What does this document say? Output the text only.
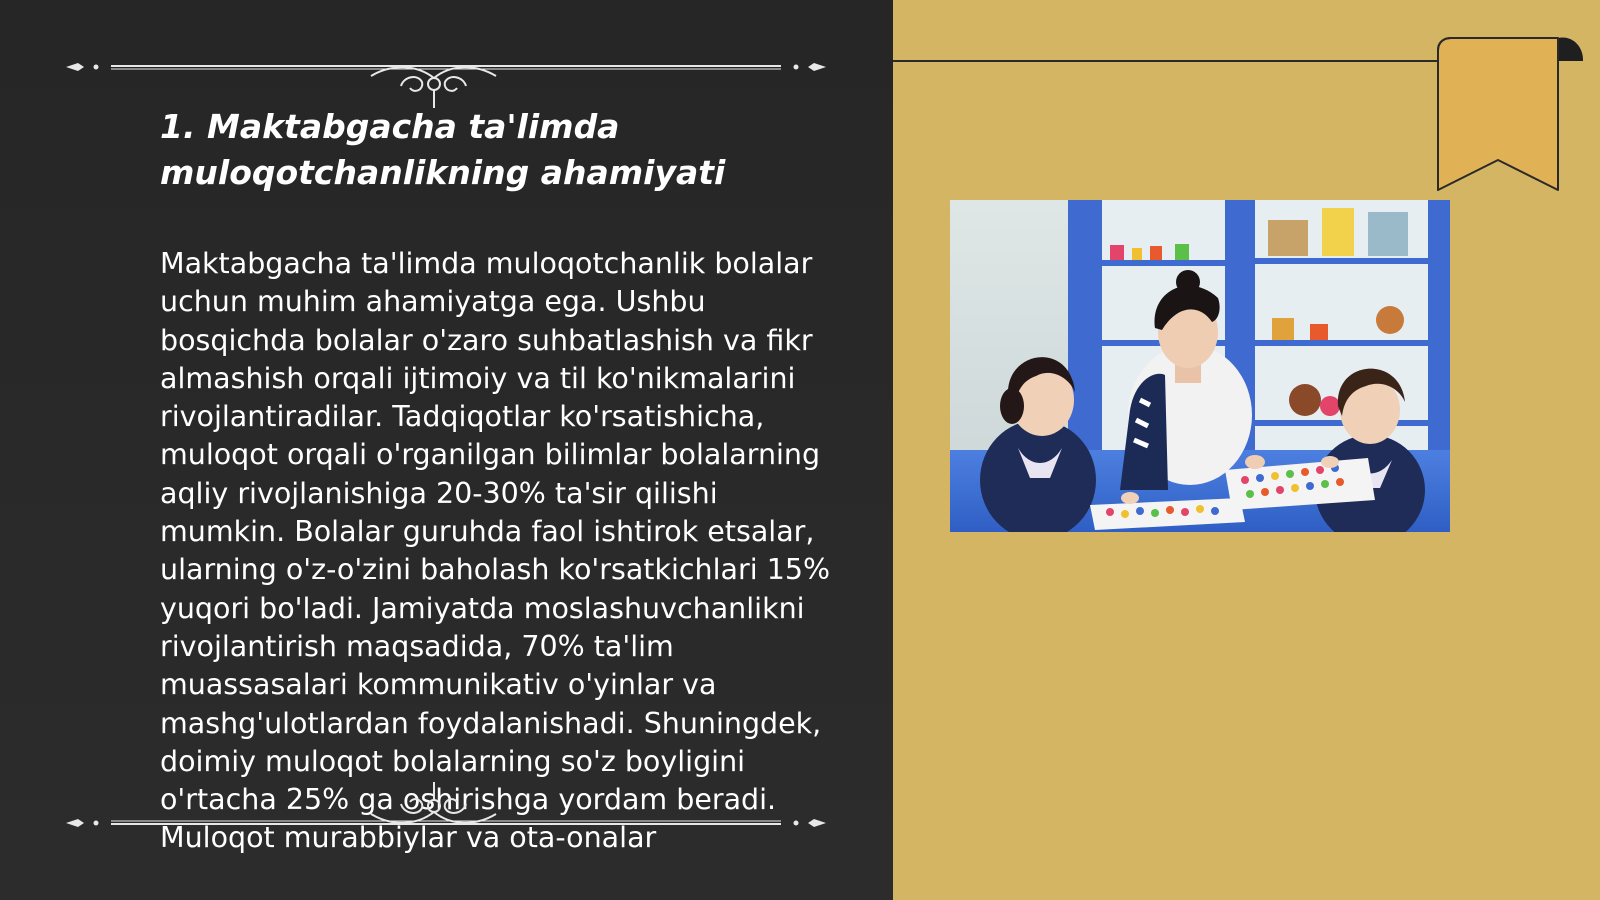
1. Maktabgacha ta'limda muloqotchanlikning ahamiyati

Maktabgacha ta'limda muloqotchanlik bolalar uchun muhim ahamiyatga ega. Ushbu bosqichda bolalar o'zaro suhbatlashish va fikr almashish orqali ijtimoiy va til ko'nikmalarini rivojlantiradilar. Tadqiqotlar ko'rsatishicha, muloqot orqali o'rganilgan bilimlar bolalarning aqliy rivojlanishiga 20-30% ta'sir qilishi mumkin. Bolalar guruhda faol ishtirok etsalar, ularning o'z-o'zini baholash ko'rsatkichlari 15% yuqori bo'ladi. Jamiyatda moslashuvchanlikni rivojlantirish maqsadida, 70% ta'lim muassasalari kommunikativ o'yinlar va mashg'ulotlardan foydalanishadi. Shuningdek, doimiy muloqot bolalarning so'z boyligini o'rtacha 25% ga oshirishga yordam beradi. Muloqot murabbiylar va ota-onalar
